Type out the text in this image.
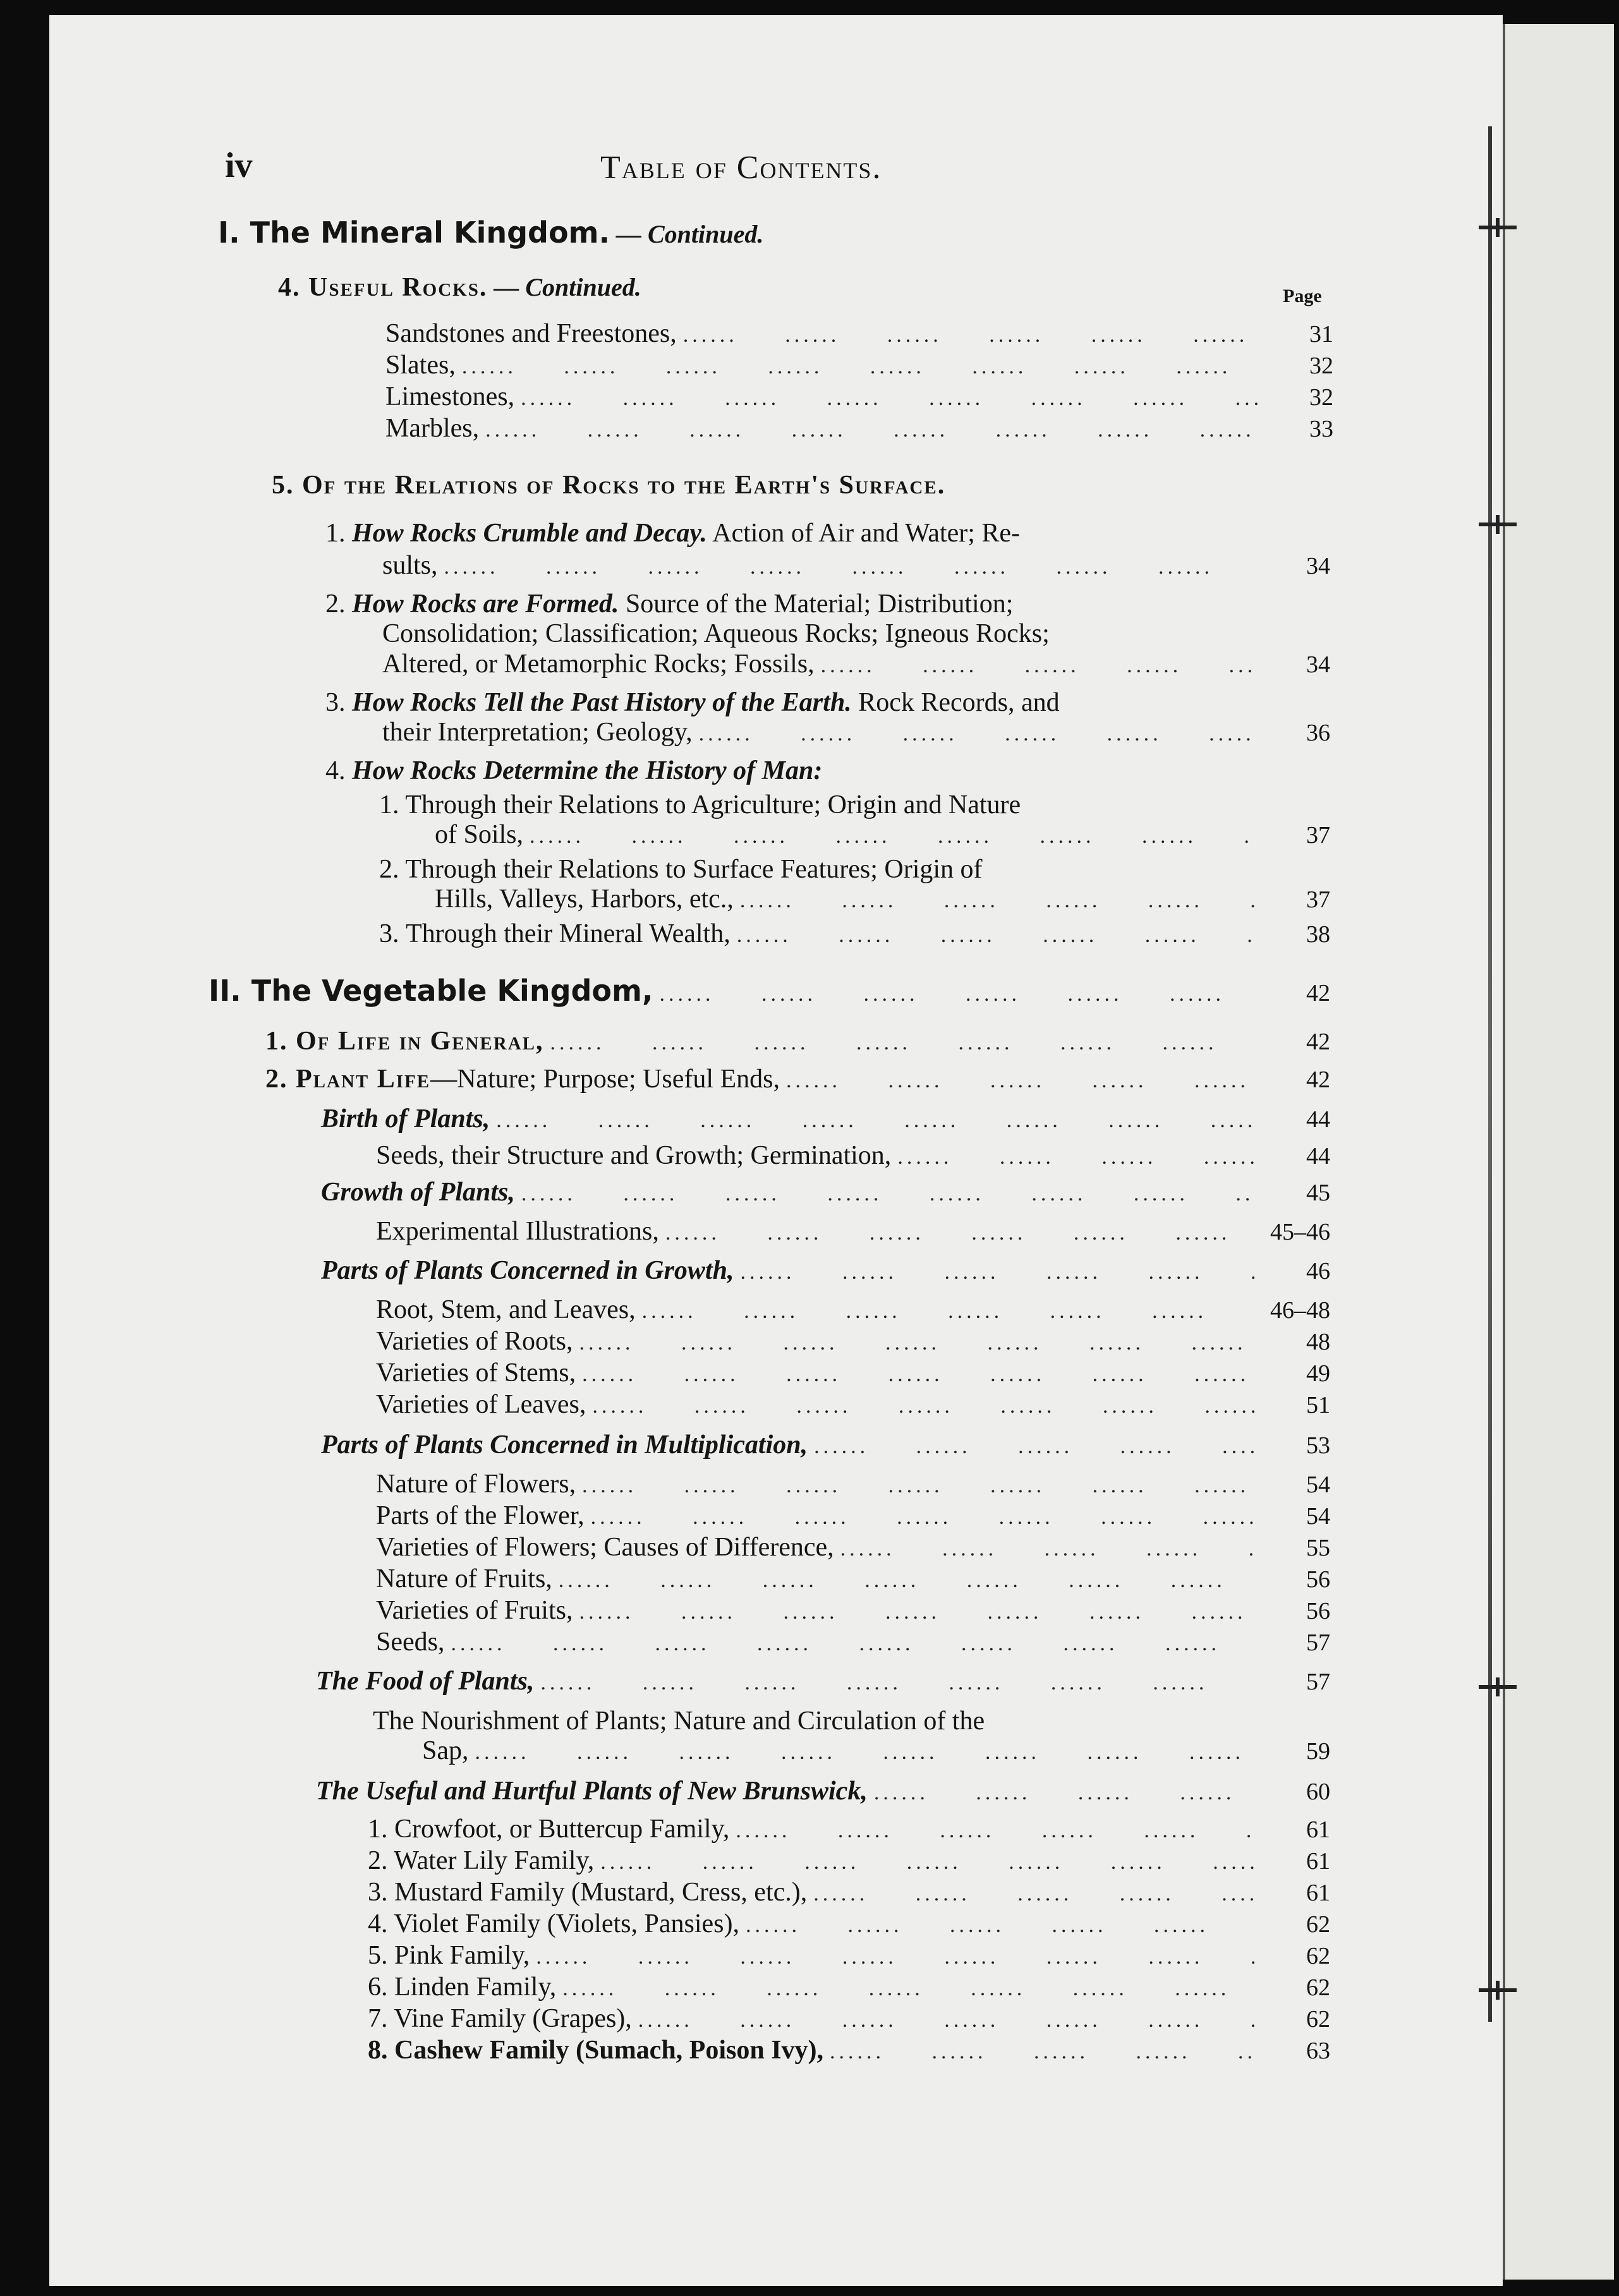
iv	Table of Contents.
I. The Mineral Kingdom. — Continued.
4. Useful Rocks. — Continued.	Page
Sandstones and Freestones, .....	31
Slates, .....	32
Limestones, .....	32
Marbles, .....	33
5. Of the Relations of Rocks to the Earth's Surface.
1. How Rocks Crumble and Decay. Action of Air and Water; Re-
sults, .....	34
2. How Rocks are Formed. Source of the Material; Distribution;
Consolidation; Classification; Aqueous Rocks; Igneous Rocks;
Altered, or Metamorphic Rocks; Fossils, .....	34
3. How Rocks Tell the Past History of the Earth. Rock Records, and
their Interpretation; Geology, .....	36
4. How Rocks Determine the History of Man:
1. Through their Relations to Agriculture; Origin and Nature
of Soils, .....	37
2. Through their Relations to Surface Features; Origin of
Hills, Valleys, Harbors, etc., .....	37
3.
Through their Mineral Wealth, .....	38
II. The Vegetable Kingdom, .....	42
1. Of Life in General, .....	42
2. Plant Life —Nature; Purpose; Useful Ends, .....	42
Birth of Plants, .....	44
Seeds, their Structure and Growth; Germination, .....	44
Growth of Plants, .....	45
Experimental Illustrations, .....	45–46
Parts of Plants Concerned in Growth, .....	46
Root, Stem, and Leaves, .....	46–48
Varieties of Roots, .....	48
Varieties of Stems, .....	49
Varieties of Leaves, .....	51
Parts of Plants Concerned in Multiplication, .....	53
Nature of Flowers, .....	54
Parts of the Flower, .....	54
Varieties of Flowers; Causes of Difference, .....	55
Nature of Fruits, .....	56
Varieties of Fruits, .....	56
Seeds, .....	57
The Food of Plants, .....	57
The Nourishment of Plants; Nature and Circulation of the
Sap, .....	59
The Useful and Hurtful Plants of New Brunswick, .....	60
1. Crowfoot, or Buttercup Family, .....	61
2. Water Lily Family, .....	61
3. Mustard Family (Mustard, Cress, etc.), .....	61
4. Violet Family (Violets, Pansies), .....	62
5. Pink Family, .....	62
6. Linden Family, .....	62
7. Vine Family (Grapes), .....	62
8. Cashew Family (Sumach, Poison Ivy), .....	63
